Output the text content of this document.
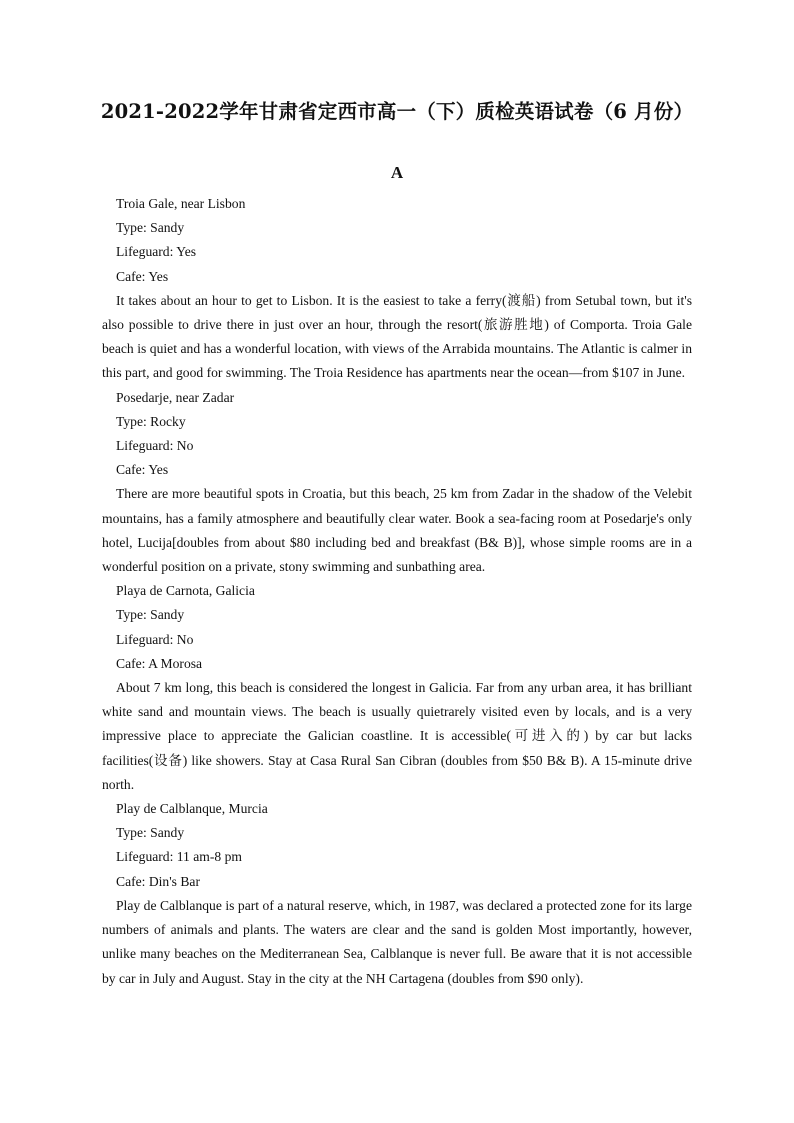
2021-2022学年甘肃省定西市高一（下）质检英语试卷（6 月份）
A
Troia Gale, near Lisbon
Type: Sandy
Lifeguard: Yes
Cafe: Yes

It takes about an hour to get to Lisbon. It is the easiest to take a ferry(渡船) from Setubal town, but it's also possible to drive there in just over an hour, through the resort(旅游胜地) of Comporta. Troia Gale beach is quiet and has a wonderful location, with views of the Arrabida mountains. The Atlantic is calmer in this part, and good for swimming. The Troia Residence has apartments near the ocean—from $107 in June.

Posedarje, near Zadar
Type: Rocky
Lifeguard: No
Cafe: Yes

There are more beautiful spots in Croatia, but this beach, 25 km from Zadar in the shadow of the Velebit mountains, has a family atmosphere and beautifully clear water. Book a sea-facing room at Posedarje's only hotel, Lucija[doubles from about $80 including bed and breakfast (B& B)], whose simple rooms are in a wonderful position on a private, stony swimming and sunbathing area.

Playa de Carnota, Galicia
Type: Sandy
Lifeguard: No
Cafe: A Morosa

About 7 km long, this beach is considered the longest in Galicia. Far from any urban area, it has brilliant white sand and mountain views. The beach is usually quietrarely visited even by locals, and is a very impressive place to appreciate the Galician coastline. It is accessible(可进入的) by car but lacks facilities(设备) like showers. Stay at Casa Rural San Cibran (doubles from $50 B& B). A 15-minute drive north.

Play de Calblanque, Murcia
Type: Sandy
Lifeguard: 11 am-8 pm
Cafe: Din's Bar

Play de Calblanque is part of a natural reserve, which, in 1987, was declared a protected zone for its large numbers of animals and plants. The waters are clear and the sand is golden Most importantly, however, unlike many beaches on the Mediterranean Sea, Calblanque is never full. Be aware that it is not accessible by car in July and August. Stay in the city at the NH Cartagena (doubles from $90 only).
